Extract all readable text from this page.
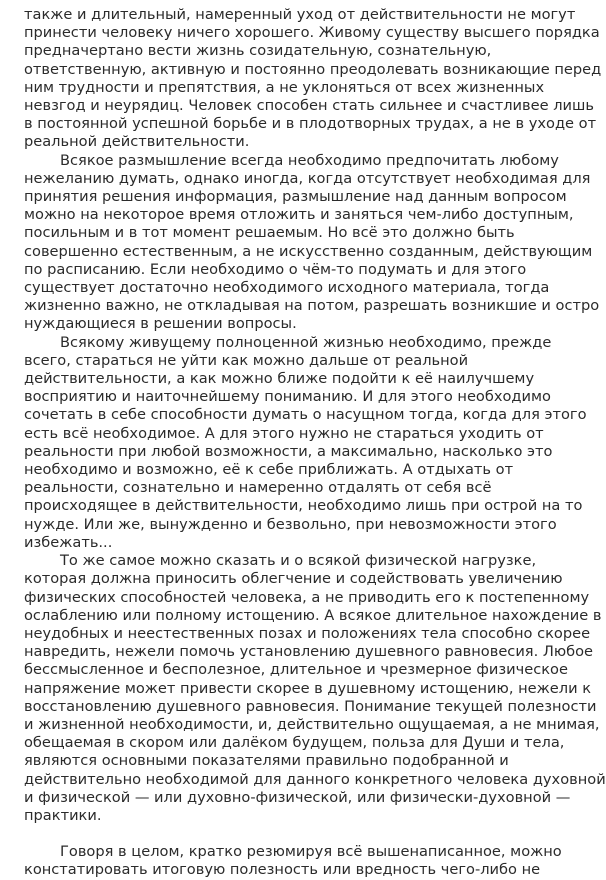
также и длительный, намеренный уход от действительности не могут
принести человеку ничего хорошего. Живому существу высшего порядка
предначертано вести жизнь созидательную, сознательную,
ответственную, активную и постоянно преодолевать возникающие перед
ним трудности и препятствия, а не уклоняться от всех жизненных
невзгод и неурядиц. Человек способен стать сильнее и счастливее лишь
в постоянной успешной борьбе и в плодотворных трудах, а не в уходе от
реальной действительности.
Всякое размышление всегда необходимо предпочитать любому
нежеланию думать, однако иногда, когда отсутствует необходимая для
принятия решения информация, размышление над данным вопросом
можно на некоторое время отложить и заняться чем-либо доступным,
посильным и в тот момент решаемым. Но всё это должно быть
совершенно естественным, а не искусственно созданным, действующим
по расписанию. Если необходимо о чём-то подумать и для этого
существует достаточно необходимого исходного материала, тогда
жизненно важно, не откладывая на потом, разрешать возникшие и остро
нуждающиеся в решении вопросы.
Всякому живущему полноценной жизнью необходимо, прежде
всего, стараться не уйти как можно дальше от реальной
действительности, а как можно ближе подойти к её наилучшему
восприятию и наиточнейшему пониманию. И для этого необходимо
сочетать в себе способности думать о насущном тогда, когда для этого
есть всё необходимое. А для этого нужно не стараться уходить от
реальности при любой возможности, а максимально, насколько это
необходимо и возможно, её к себе приближать. А отдыхать от
реальности, сознательно и намеренно отдалять от себя всё
происходящее в действительности, необходимо лишь при острой на то
нужде. Или же, вынужденно и безвольно, при невозможности этого
избежать...
То же самое можно сказать и о всякой физической нагрузке,
которая должна приносить облегчение и содействовать увеличению
физических способностей человека, а не приводить его к постепенному
ослаблению или полному истощению. А всякое длительное нахождение в
неудобных и неестественных позах и положениях тела способно скорее
навредить, нежели помочь установлению душевного равновесия. Любое
бессмысленное и бесполезное, длительное и чрезмерное физическое
напряжение может привести скорее в душевному истощению, нежели к
восстановлению душевного равновесия. Понимание текущей полезности
и жизненной необходимости, и, действительно ощущаемая, а не мнимая,
обещаемая в скором или далёком будущем, польза для Души и тела,
являются основными показателями правильно подобранной и
действительно необходимой для данного конкретного человека духовной
и физической — или духовно-физической, или физически-духовной —
практики.
Говоря в целом, кратко резюмируя всё вышенаписанное, можно
констатировать итоговую полезность или вредность чего-либо не
